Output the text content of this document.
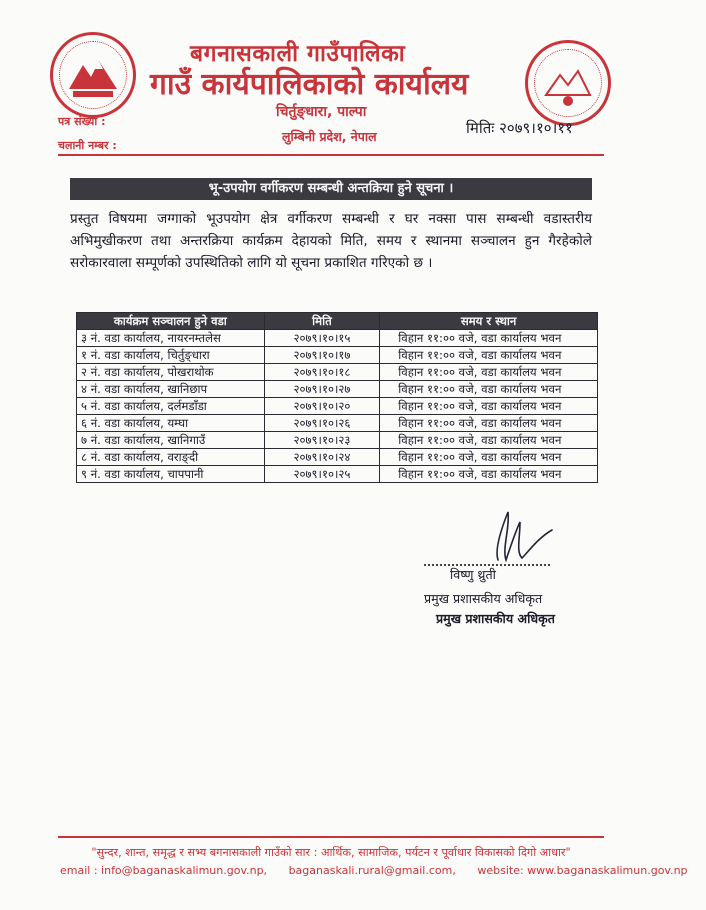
बगनासकाली गाउँपालिका
गाउँ कार्यपालिकाको कार्यालय
चिर्तुङ्धारा, पाल्पा
लुम्बिनी प्रदेश, नेपाल
पत्र संख्या :
चलानी नम्बर :
मितिः २०७९।१०।११
भू-उपयोग वर्गीकरण सम्बन्धी अन्तक्रिया हुने सूचना ।

प्रस्तुत विषयमा जग्गाको भूउपयोग क्षेत्र वर्गीकरण सम्बन्धी र घर नक्सा पास सम्बन्धी वडास्तरीय अभिमुखीकरण तथा अन्तरक्रिया कार्यक्रम देहायको मिति, समय र स्थानमा सञ्चालन हुन गैरहेकोले सरोकारवाला सम्पूर्णको उपस्थितिको लागि यो सूचना प्रकाशित गरिएको छ ।

कार्यक्रम सञ्चालन हुने वडा	मिति	समय र स्थान
३ नं. वडा कार्यालय, नायरनम्तलेस	२०७९।१०।१५	विहान ११:०० वजे, वडा कार्यालय भवन
१ नं. वडा कार्यालय, चिर्तुङ्धारा	२०७९।१०।१७	विहान ११:०० वजे, वडा कार्यालय भवन
२ नं. वडा कार्यालय, पोखराथोक	२०७९।१०।१८	विहान ११:०० वजे, वडा कार्यालय भवन
४ नं. वडा कार्यालय, खानिछाप	२०७९।१०।२७	विहान ११:०० वजे, वडा कार्यालय भवन
५ नं. वडा कार्यालय, दर्लमडाँडा	२०७९।१०।२०	विहान ११:०० वजे, वडा कार्यालय भवन
६ नं. वडा कार्यालय, यम्घा	२०७९।१०।२६	विहान ११:०० वजे, वडा कार्यालय भवन
७ नं. वडा कार्यालय, खानिगाउँ	२०७९।१०।२३	विहान ११:०० वजे, वडा कार्यालय भवन
८ नं. वडा कार्यालय, वराङ्दी	२०७९।१०।२४	विहान ११:०० वजे, वडा कार्यालय भवन
९ नं. वडा कार्यालय, चापपानी	२०७९।१०।२५	विहान ११:०० वजे, वडा कार्यालय भवन
विष्णु थ्रुती
प्रमुख प्रशासकीय अधिकृत
प्रमुख प्रशासकीय अधिकृत
"सुन्दर, शान्त, समृद्ध र सभ्य बगनासकाली गाउँको सार : आर्थिक, सामाजिक, पर्यटन र पूर्वाधार विकासको दिगो आधार"
email : info@baganaskalimun.gov.np, baganaskali.rural@gmail.com, website: www.baganaskalimun.gov.np
